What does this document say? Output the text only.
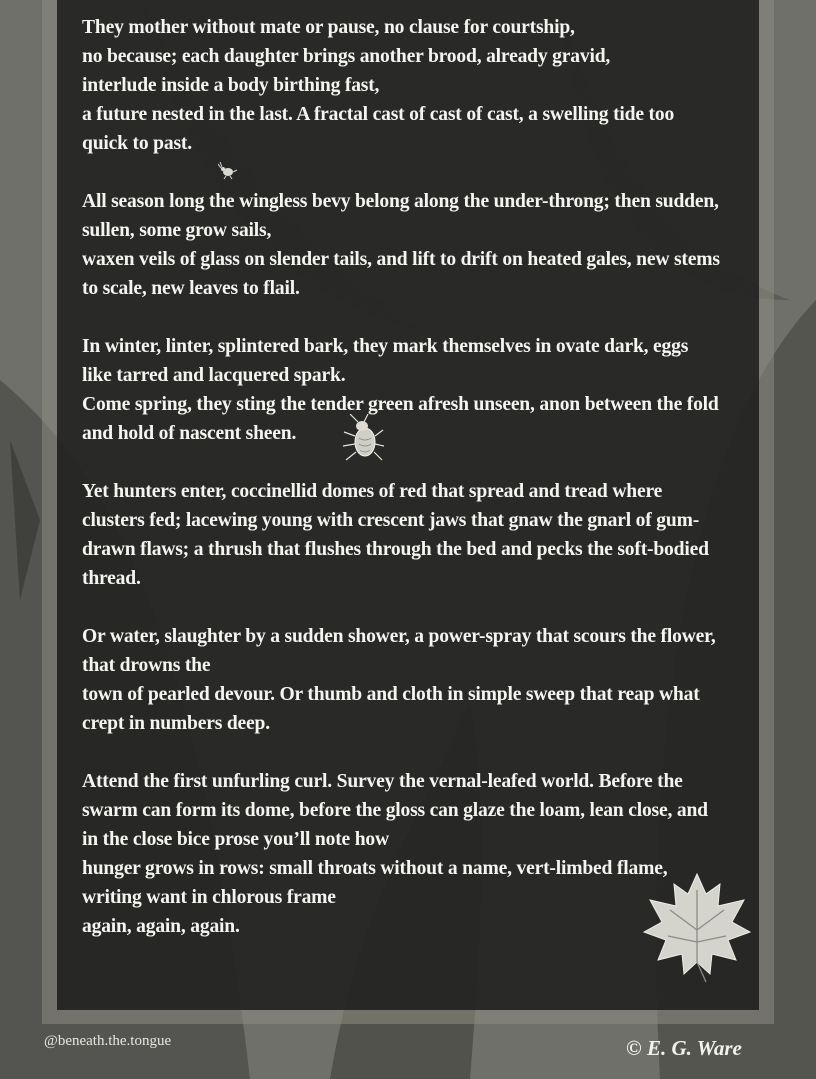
They mother without mate or pause, no clause for courtship,
no because; each daughter brings another brood, already gravid,
interlude inside a body birthing fast,
a future nested in the last. A fractal cast of cast of cast, a swelling tide too quick to past.
All season long the wingless bevy belong along the under-throng; then sudden, sullen, some grow sails,
waxen veils of glass on slender tails, and lift to drift on heated gales, new stems to scale, new leaves to flail.
In winter, linter, splintered bark, they mark themselves in ovate dark, eggs like tarred and lacquered spark.
Come spring, they sting the tender green afresh unseen, anon between the fold and hold of nascent sheen.
Yet hunters enter, coccinellid domes of red that spread and tread where clusters fed; lacewing young with crescent jaws that gnaw the gnarl of gum-drawn flaws; a thrush that flushes through the bed and pecks the soft-bodied thread.
Or water, slaughter by a sudden shower, a power-spray that scours the flower, that drowns the
town of pearled devour. Or thumb and cloth in simple sweep that reap what crept in numbers deep.
Attend the first unfurling curl. Survey the vernal-leafed world. Before the swarm can form its dome, before the gloss can glaze the loam, lean close, and in the close bice prose you’ll note how
hunger grows in rows: small throats without a name, vert-limbed flame, writing want in chlorous frame
again, again, again.
@beneath.the.tongue	© E. G. Ware
